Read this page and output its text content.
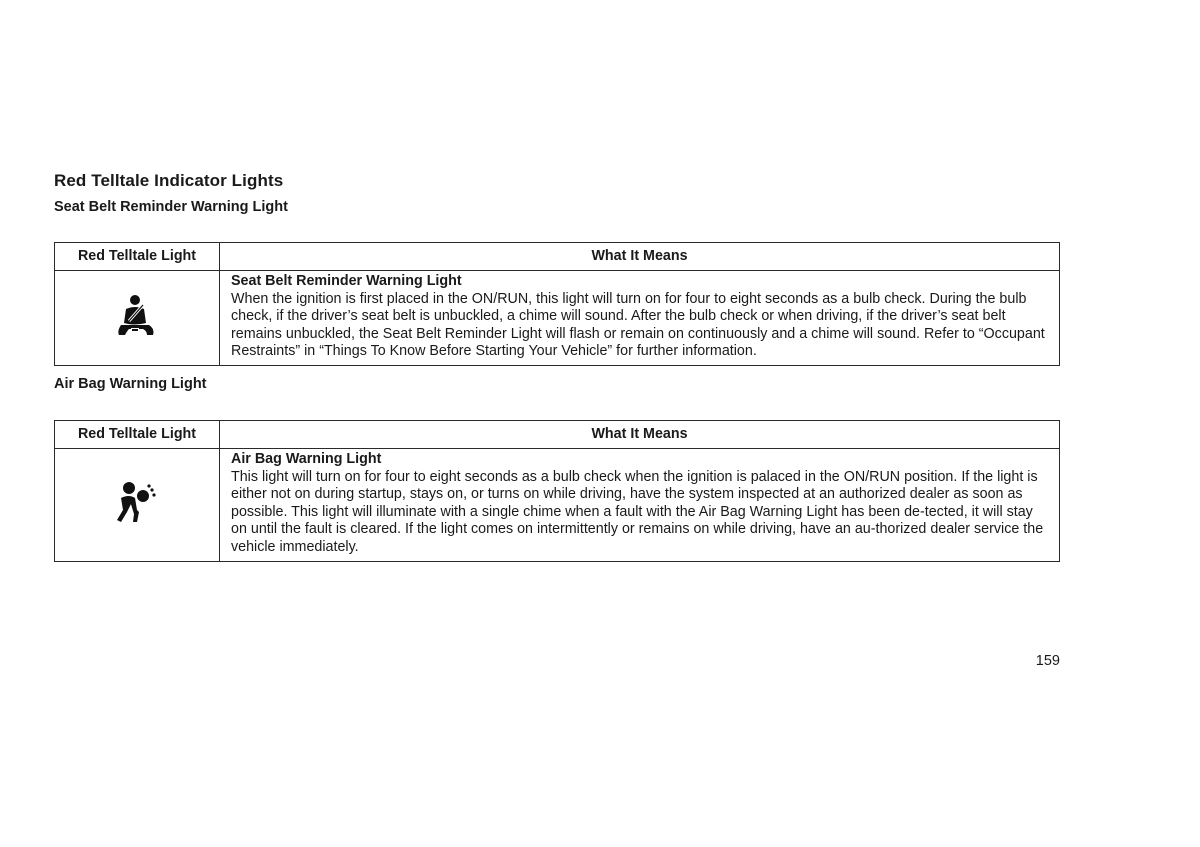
Red Telltale Indicator Lights
Seat Belt Reminder Warning Light
Red Telltale Light	What It Means

Seat Belt Reminder Warning Light
When the ignition is first placed in the ON/RUN, this light will turn on for four to eight seconds as a bulb check. During the bulb check, if the driver’s seat belt is unbuckled, a chime will sound. After the bulb check or when driving, if the driver’s seat belt remains unbuckled, the Seat Belt Reminder Light will flash or remain on continuously and a chime will sound. Refer to “Occupant Restraints” in “Things To Know Before Starting Your Vehicle” for further information.
Air Bag Warning Light
Red Telltale Light	What It Means

Air Bag Warning Light
This light will turn on for four to eight seconds as a bulb check when the ignition is palaced in the ON/RUN position. If the light is either not on during startup, stays on, or turns on while driving, have the system inspected at an authorized dealer as soon as possible. This light will illuminate with a single chime when a fault with the Air Bag Warning Light has been de-tected, it will stay on until the fault is cleared. If the light comes on intermittently or remains on while driving, have an au-thorized dealer service the vehicle immediately.
159
